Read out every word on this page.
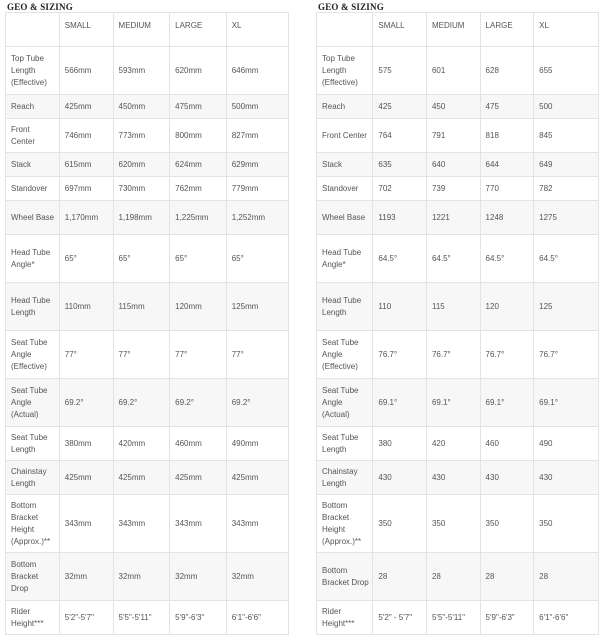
GEO & SIZING
	SMALL	MEDIUM	LARGE	XL
Top Tube Length (Effective)	566mm	593mm	620mm	646mm
Reach	425mm	450mm	475mm	500mm
Front Center	746mm	773mm	800mm	827mm
Stack	615mm	620mm	624mm	629mm
Standover	697mm	730mm	762mm	779mm
Wheel Base	1,170mm	1,198mm	1,225mm	1,252mm
Head Tube Angle*	65°	65°	65°	65°
Head Tube Length	110mm	115mm	120mm	125mm
Seat Tube Angle (Effective)	77°	77°	77°	77°
Seat Tube Angle (Actual)	69.2°	69.2°	69.2°	69.2°
Seat Tube Length	380mm	420mm	460mm	490mm
Chainstay Length	425mm	425mm	425mm	425mm
Bottom Bracket Height (Approx.)**	343mm	343mm	343mm	343mm
Bottom Bracket Drop	32mm	32mm	32mm	32mm
Rider Height***	5'2"-5'7"	5'5"-5'11"	5'9"-6'3"	6'1"-6'6"
GEO & SIZING
	SMALL	MEDIUM	LARGE	XL
Top Tube Length (Effective)	575	601	628	655
Reach	425	450	475	500
Front Center	764	791	818	845
Stack	635	640	644	649
Standover	702	739	770	782
Wheel Base	1193	1221	1248	1275
Head Tube Angle*	64.5°	64.5°	64.5°	64.5°
Head Tube Length	110	115	120	125
Seat Tube Angle (Effective)	76.7°	76.7°	76.7°	76.7°
Seat Tube Angle (Actual)	69.1°	69.1°	69.1°	69.1°
Seat Tube Length	380	420	460	490
Chainstay Length	430	430	430	430
Bottom Bracket Height (Approx.)**	350	350	350	350
Bottom Bracket Drop	28	28	28	28
Rider Height***	5'2" - 5'7"	5'5"-5'11"	5'9"-6'3"	6'1"-6'6"
